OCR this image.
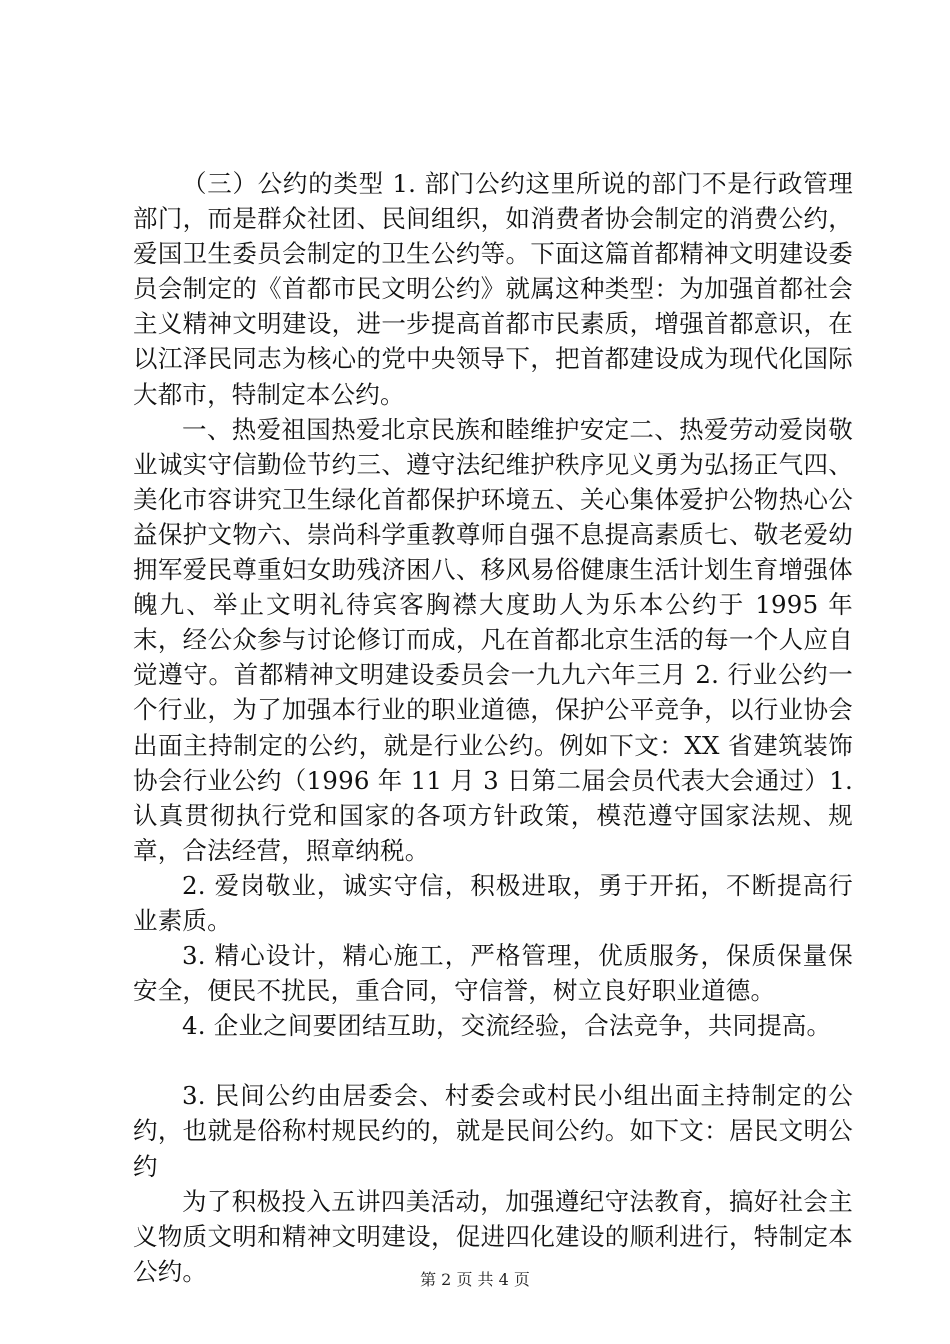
（三）公约的类型 1. 部门公约这里所说的部门不是行政管理部门，而是群众社团、民间组织，如消费者协会制定的消费公约，爱国卫生委员会制定的卫生公约等。下面这篇首都精神文明建设委员会制定的《首都市民文明公约》就属这种类型：为加强首都社会主义精神文明建设，进一步提高首都市民素质，增强首都意识，在以江泽民同志为核心的党中央领导下，把首都建设成为现代化国际大都市，特制定本公约。

一、热爱祖国热爱北京民族和睦维护安定二、热爱劳动爱岗敬业诚实守信勤俭节约三、遵守法纪维护秩序见义勇为弘扬正气四、美化市容讲究卫生绿化首都保护环境五、关心集体爱护公物热心公益保护文物六、崇尚科学重教尊师自强不息提高素质七、敬老爱幼拥军爱民尊重妇女助残济困八、移风易俗健康生活计划生育增强体魄九、举止文明礼待宾客胸襟大度助人为乐本公约于 1995 年末，经公众参与讨论修订而成，凡在首都北京生活的每一个人应自觉遵守。首都精神文明建设委员会一九九六年三月 2. 行业公约一个行业，为了加强本行业的职业道德，保护公平竞争，以行业协会出面主持制定的公约，就是行业公约。例如下文：XX 省建筑装饰协会行业公约（1996 年 11 月 3 日第二届会员代表大会通过）1. 认真贯彻执行党和国家的各项方针政策，模范遵守国家法规、规章，合法经营，照章纳税。

2. 爱岗敬业，诚实守信，积极进取，勇于开拓，不断提高行业素质。

3. 精心设计，精心施工，严格管理，优质服务，保质保量保安全，便民不扰民，重合同，守信誉，树立良好职业道德。

4. 企业之间要团结互助，交流经验，合法竞争，共同提高。

3. 民间公约由居委会、村委会或村民小组出面主持制定的公约，也就是俗称村规民约的，就是民间公约。如下文：居民文明公约

为了积极投入五讲四美活动，加强遵纪守法教育，搞好社会主义物质文明和精神文明建设，促进四化建设的顺利进行，特制定本公约。	第 2 页 共 4 页
